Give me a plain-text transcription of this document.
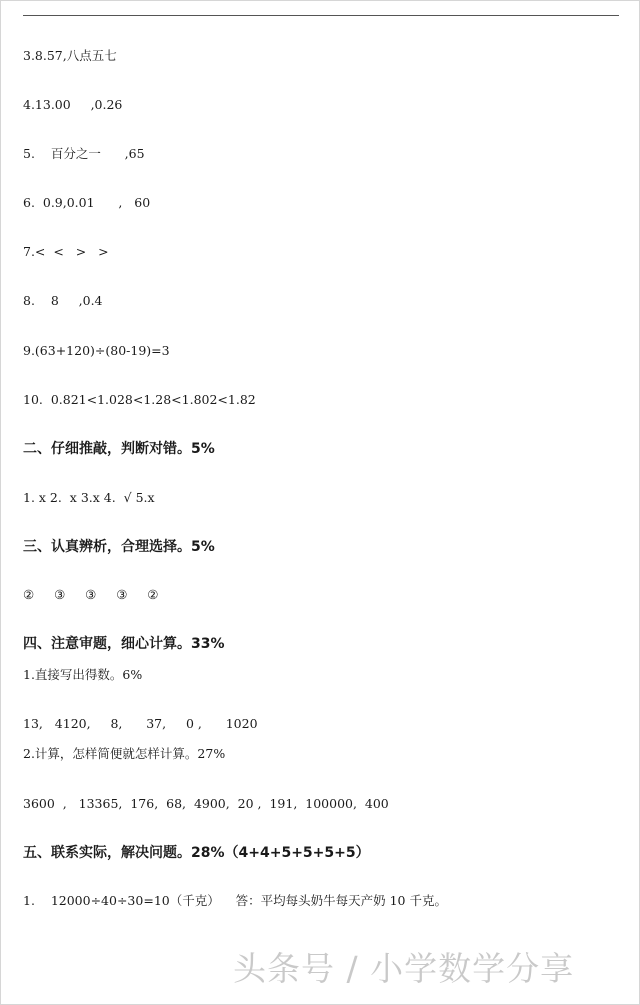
3.8.57,八点五七
4.13.00     ,0.26
5.    百分之一      ,65
6.  0.9,0.01      ,   60
7.<  <   >   >
8.    8     ,0.4
9.(63+120)÷(80-19)=3
10.  0.821<1.028<1.28<1.802<1.82
二、仔细推敲，判断对错。5%
1. x 2.  x 3.x 4.  √ 5.x
三、认真辨析，合理选择。5%
②     ③     ③     ③     ②
四、注意审题，细心计算。33%
1.直接写出得数。6%
13,   4120,     8,      37,     0 ,      1020
2.计算，怎样简便就怎样计算。27%
3600  ,   13365,  176,  68,  4900,  20 ,  191,  100000,  400
五、联系实际，解决问题。28%（4+4+5+5+5+5）
1.    12000÷40÷30=10（千克）    答：平均每头奶牛每天产奶 10 千克。
头条号 / 小学数学分享
